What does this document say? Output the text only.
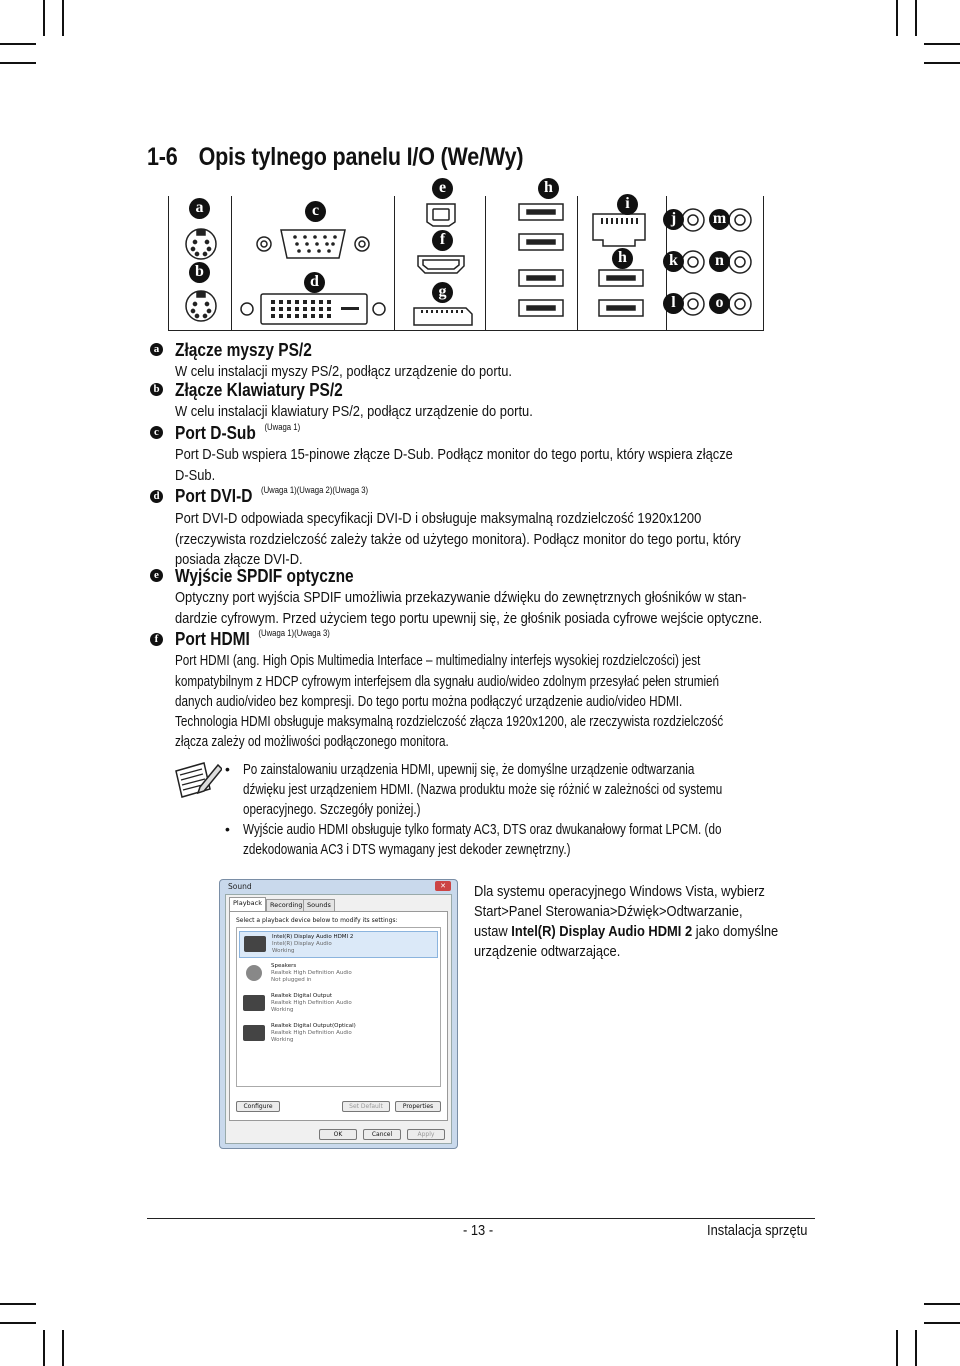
1-6 Opis tylnego panelu I/O (We/Wy)
a
b
c
d
e
f
g
h
h
i
j
k
l
m
n
o
a Złącze myszy PS/2
W celu instalacji myszy PS/2, podłącz urządzenie do portu.
b Złącze Klawiatury PS/2
W celu instalacji klawiatury PS/2, podłącz urządzenie do portu.
c Port D-Sub $^{(Uwaga 1)}$
Port D-Sub wspiera 15-pinowe złącze D-Sub. Podłącz monitor do tego portu, który wspiera złącze
D-Sub.
d Port DVI-D $^{(Uwaga 1)(Uwaga 2)(Uwaga 3)}$
Port DVI-D odpowiada specyfikacji DVI-D i obsługuje maksymalną rozdzielczość 1920x1200
(rzeczywista rozdzielczość zależy także od użytego monitora). Podłącz monitor do tego portu, który
posiada złącze DVI-D.
e Wyjście SPDIF optyczne
Optyczny port wyjścia SPDIF umożliwia przekazywanie dźwięku do zewnętrznych głośników w stan-
dardzie cyfrowym. Przed użyciem tego portu upewnij się, że głośnik posiada cyfrowe wejście optyczne.
f Port HDMI $^{(Uwaga 1)(Uwaga 3)}$
Port HDMI (ang. High Opis Multimedia Interface – multimedialny interfejs wysokiej rozdzielczości) jest
kompatybilnym z HDCP cyfrowym interfejsem dla sygnału audio/wideo zdolnym przesyłać pełen strumień
danych audio/video bez kompresji. Do tego portu można podłączyć urządzenie audio/video HDMI.
Technologia HDMI obsługuje maksymalną rozdzielczość złącza 1920x1200, ale rzeczywista rozdzielczość
złącza zależy od możliwości podłączonego monitora.
• Po zainstalowaniu urządzenia HDMI, upewnij się, że domyślne urządzenie odtwarzania
dźwięku jest urządzeniem HDMI. (Nazwa produktu może się różnić w zależności od systemu
operacyjnego. Szczegóły poniżej.)
• Wyjście audio HDMI obsługuje tylko formaty AC3, DTS oraz dwukanałowy format LPCM. (do
zdekodowania AC3 i DTS wymagany jest dekoder zewnętrzny.)
Sound	✕
Playback	Recording Sounds
Select a playback device below to modify its settings:
Intel(R) Display Audio HDMI 2
Intel(R) Display Audio
Working
Speakers
Realtek High Definition Audio
Not plugged in
Realtek Digital Output
Realtek High Definition Audio
Working
Realtek Digital Output(Optical)
Realtek High Definition Audio
Working
Configure	Set Default	Properties
OK	Cancel	Apply
Dla systemu operacyjnego Windows Vista, wybierz
Start>Panel Sterowania>Dźwięk>Odtwarzanie,
ustaw Intel(R) Display Audio HDMI 2 jako domyślne
urządzenie odtwarzające.
- 13 -	Instalacja sprzętu
